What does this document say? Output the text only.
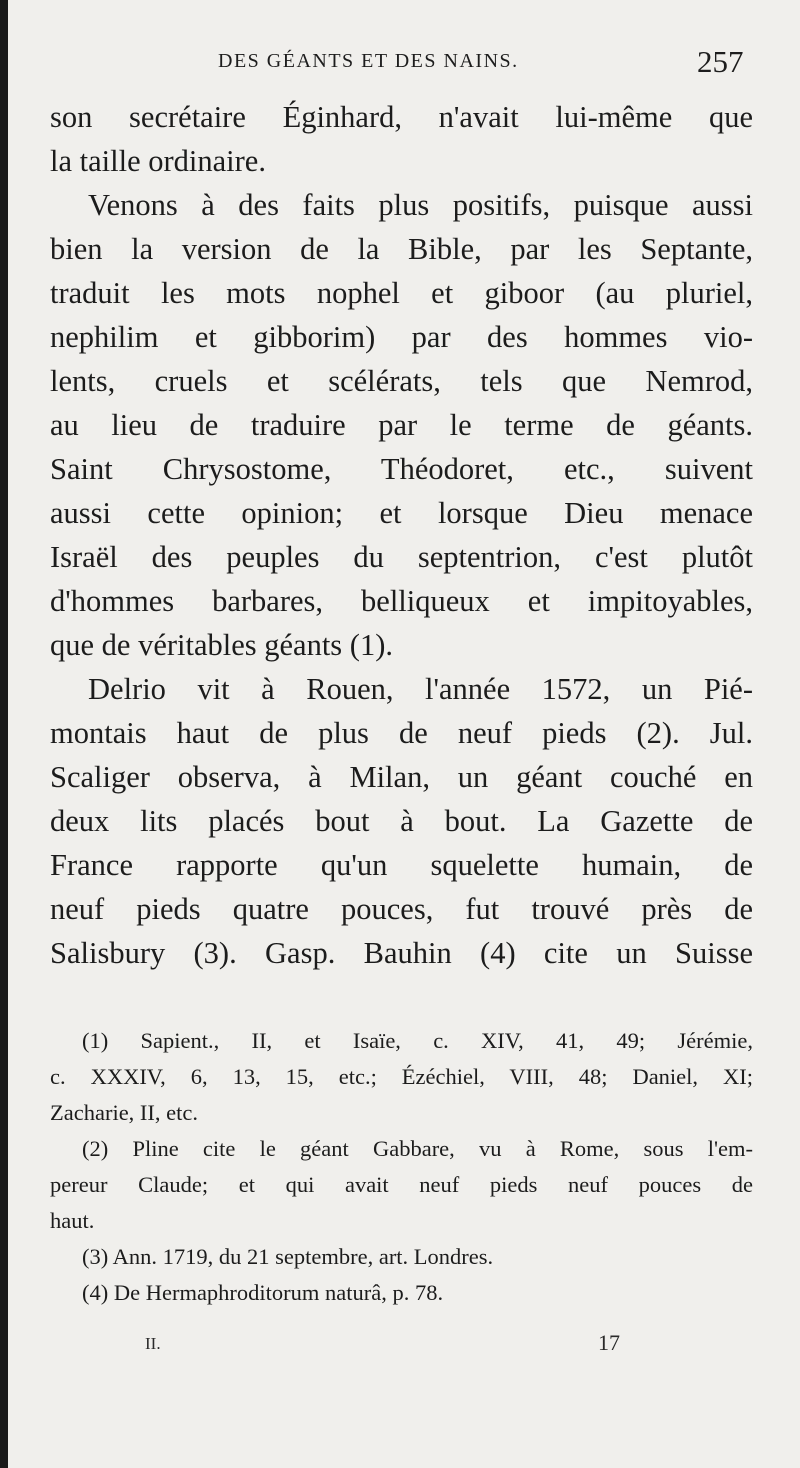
DES GÉANTS ET DES NAINS.	257
son secrétaire Éginhard, n'avait lui-même que
la taille ordinaire.
Venons à des faits plus positifs, puisque aussi
bien la version de la Bible, par les Septante,
traduit les mots nophel et giboor (au pluriel,
nephilim et gibborim) par des hommes vio-
lents, cruels et scélérats, tels que Nemrod,
au lieu de traduire par le terme de géants.
Saint Chrysostome, Théodoret, etc., suivent
aussi cette opinion; et lorsque Dieu menace
Israël des peuples du septentrion, c'est plutôt
d'hommes barbares, belliqueux et impitoyables,
que de véritables géants (1).
Delrio vit à Rouen, l'année 1572, un Pié-
montais haut de plus de neuf pieds (2). Jul.
Scaliger observa, à Milan, un géant couché en
deux lits placés bout à bout. La Gazette de
France rapporte qu'un squelette humain, de
neuf pieds quatre pouces, fut trouvé près de
Salisbury (3). Gasp. Bauhin (4) cite un Suisse
(1) Sapient., II, et Isaïe, c. XIV, 41, 49; Jérémie,
c. XXXIV, 6, 13, 15, etc.; Ézéchiel, VIII, 48; Daniel, XI;
Zacharie, II, etc.
(2) Pline cite le géant Gabbare, vu à Rome, sous l'em-
pereur Claude; et qui avait neuf pieds neuf pouces de
haut.
(3) Ann. 1719, du 21 septembre, art. Londres.
(4) De Hermaphroditorum naturâ, p. 78.
II.	17
